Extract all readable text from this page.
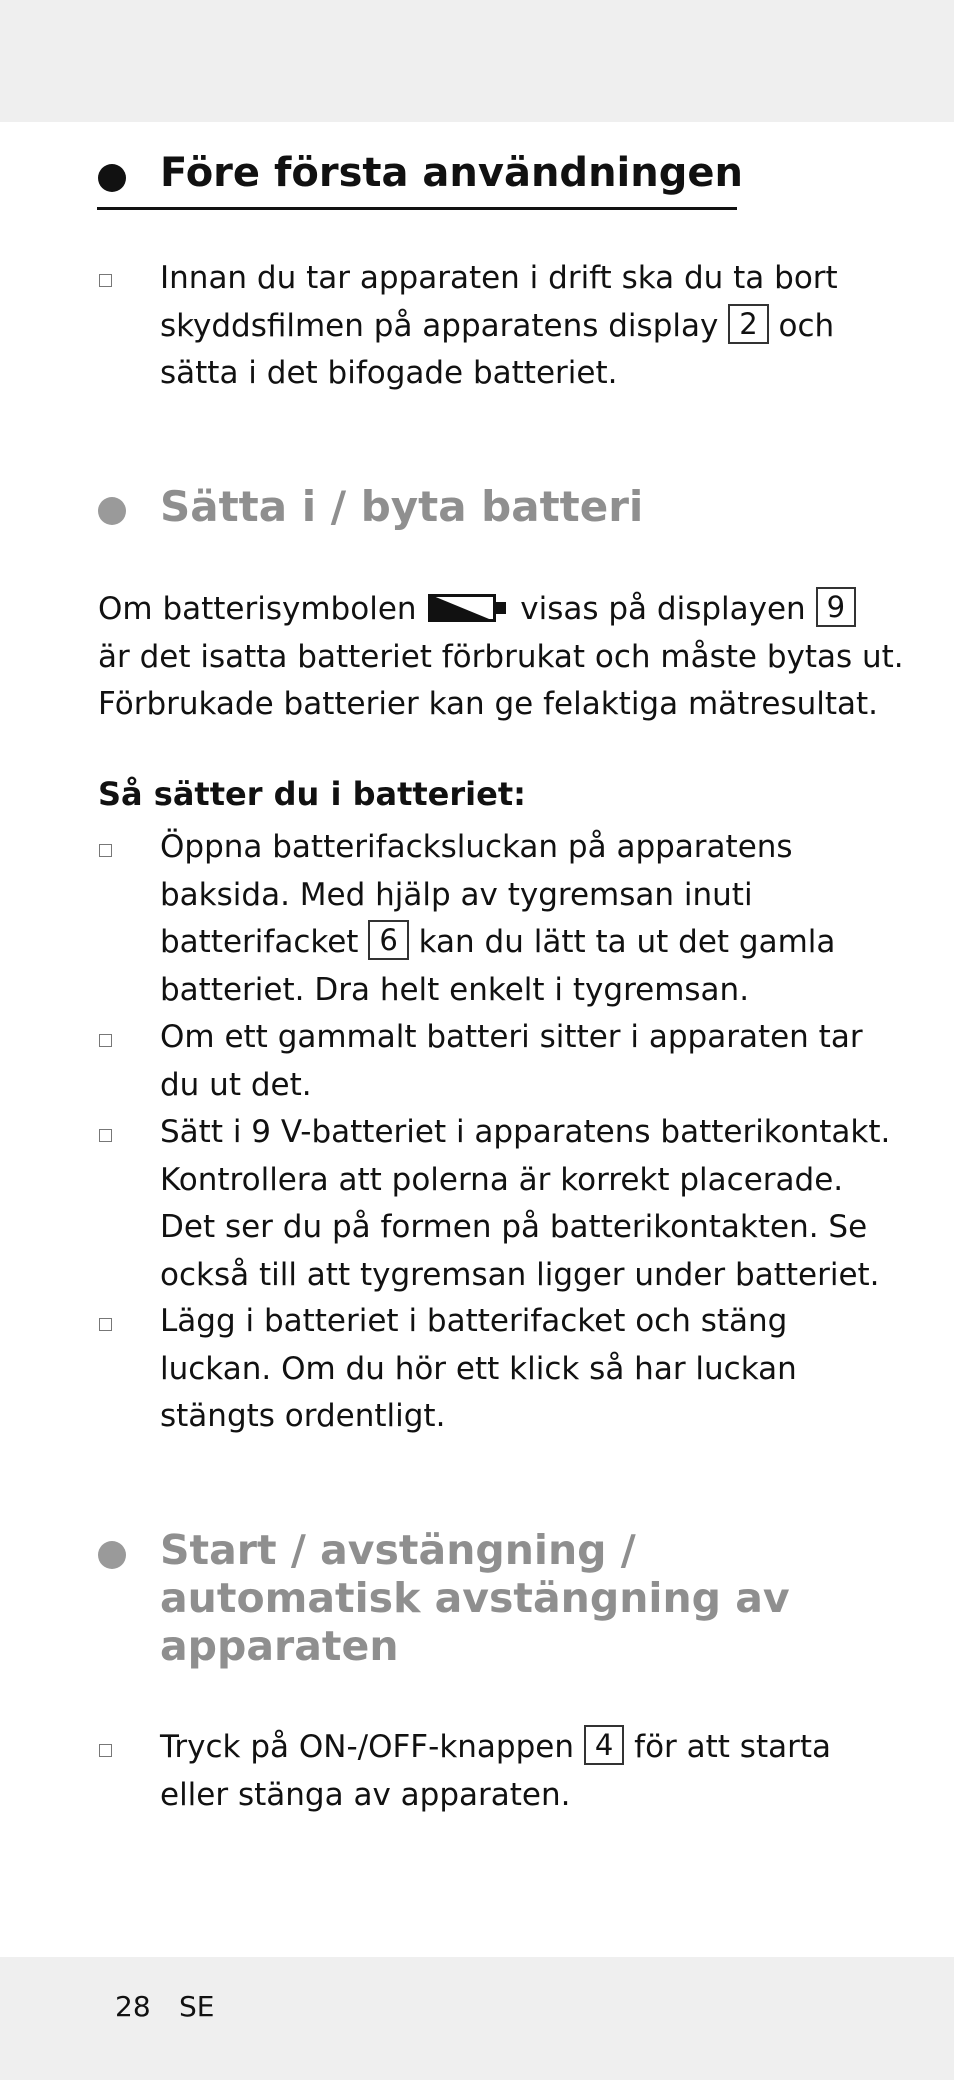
Före första användningen

Innan du tar apparaten i drift ska du ta bort
skyddsfilmen på apparatens display 2 och
sätta i det bifogade batteriet.

Sätta i / byta batteri

Om batterisymbolen	visas på displayen 9
är det isatta batteriet förbrukat och måste bytas ut.
Förbrukade batterier kan ge felaktiga mätresultat.

Så sätter du i batteriet:

Öppna batterifacksluckan på apparatens
baksida. Med hjälp av tygremsan inuti
batterifacket 6 kan du lätt ta ut det gamla
batteriet. Dra helt enkelt i tygremsan.

Om ett gammalt batteri sitter i apparaten tar
du ut det.

Sätt i 9 V-batteriet i apparatens batterikontakt.
Kontrollera att polerna är korrekt placerade.
Det ser du på formen på batterikontakten. Se
också till att tygremsan ligger under batteriet.

Lägg i batteriet i batterifacket och stäng
luckan. Om du hör ett klick så har luckan
stängts ordentligt.

Start / avstängning /
automatisk avstängning av
apparaten

Tryck på ON-/OFF-knappen 4 för att starta
eller stänga av apparaten.

28 SE
